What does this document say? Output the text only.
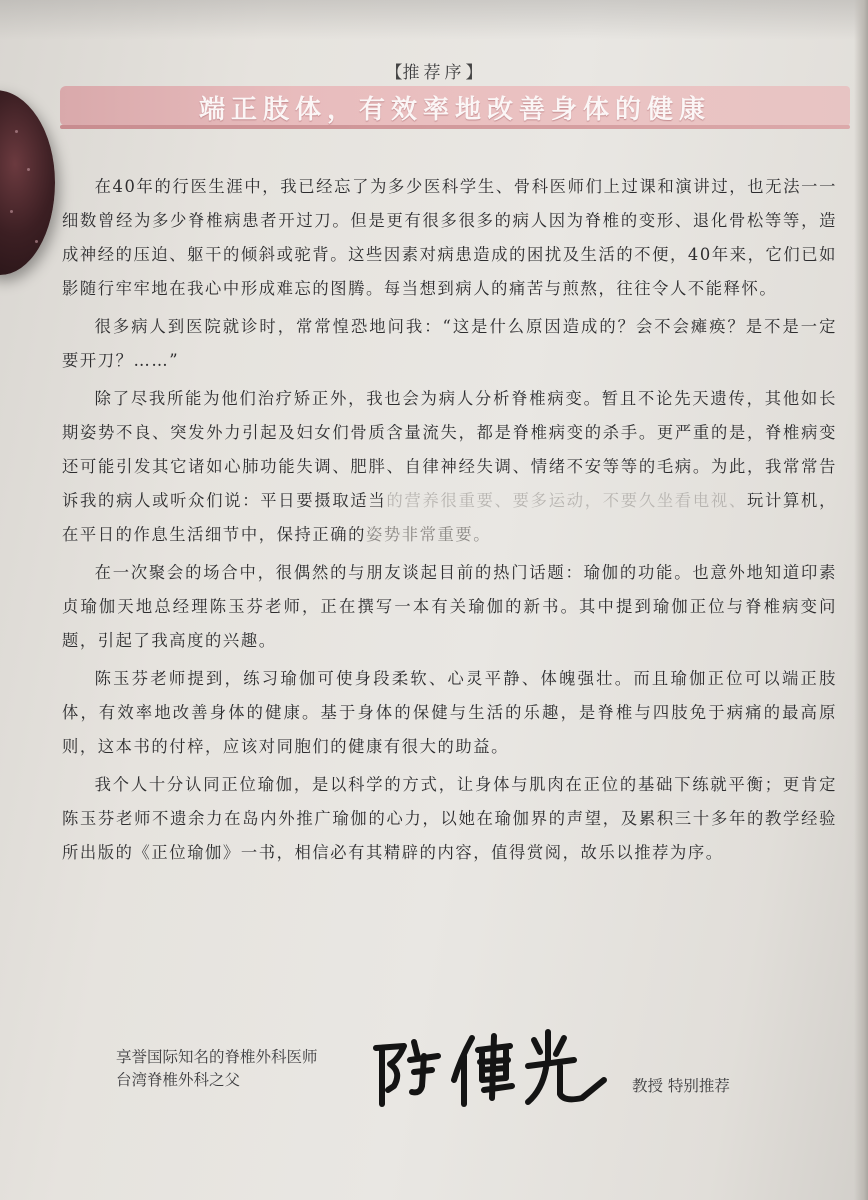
【推荐序】
端正肢体，有效率地改善身体的健康

在40年的行医生涯中，我已经忘了为多少医科学生、骨科医师们上过课和演讲过，也无法一一细数曾经为多少脊椎病患者开过刀。但是更有很多很多的病人因为脊椎的变形、退化骨松等等，造成神经的压迫、躯干的倾斜或驼背。这些因素对病患造成的困扰及生活的不便，40年来，它们已如影随行牢牢地在我心中形成难忘的图腾。每当想到病人的痛苦与煎熬，往往令人不能释怀。

很多病人到医院就诊时，常常惶恐地问我：“这是什么原因造成的？会不会瘫痪？是不是一定要开刀？……”

除了尽我所能为他们治疗矫正外，我也会为病人分析脊椎病变。暂且不论先天遗传，其他如长期姿势不良、突发外力引起及妇女们骨质含量流失，都是脊椎病变的杀手。更严重的是，脊椎病变还可能引发其它诸如心肺功能失调、肥胖、自律神经失调、情绪不安等等的毛病。为此，我常常告诉我的病人或听众们说：平日要摄取适当的营养很重要、要多运动，不要久坐看电视、玩计算机，在平日的作息生活细节中，保持正确的姿势非常重要。

在一次聚会的场合中，很偶然的与朋友谈起目前的热门话题：瑜伽的功能。也意外地知道印素贞瑜伽天地总经理陈玉芬老师，正在撰写一本有关瑜伽的新书。其中提到瑜伽正位与脊椎病变问题，引起了我高度的兴趣。

陈玉芬老师提到，练习瑜伽可使身段柔软、心灵平静、体魄强壮。而且瑜伽正位可以端正肢体，有效率地改善身体的健康。基于身体的保健与生活的乐趣，是脊椎与四肢免于病痛的最高原则，这本书的付梓，应该对同胞们的健康有很大的助益。

我个人十分认同正位瑜伽，是以科学的方式，让身体与肌肉在正位的基础下练就平衡；更肯定陈玉芬老师不遗余力在岛内外推广瑜伽的心力，以她在瑜伽界的声望，及累积三十多年的教学经验所出版的《正位瑜伽》一书，相信必有其精辟的内容，值得赏阅，故乐以推荐为序。

享誉国际知名的脊椎外科医师
台湾脊椎外科之父	教授 特别推荐
